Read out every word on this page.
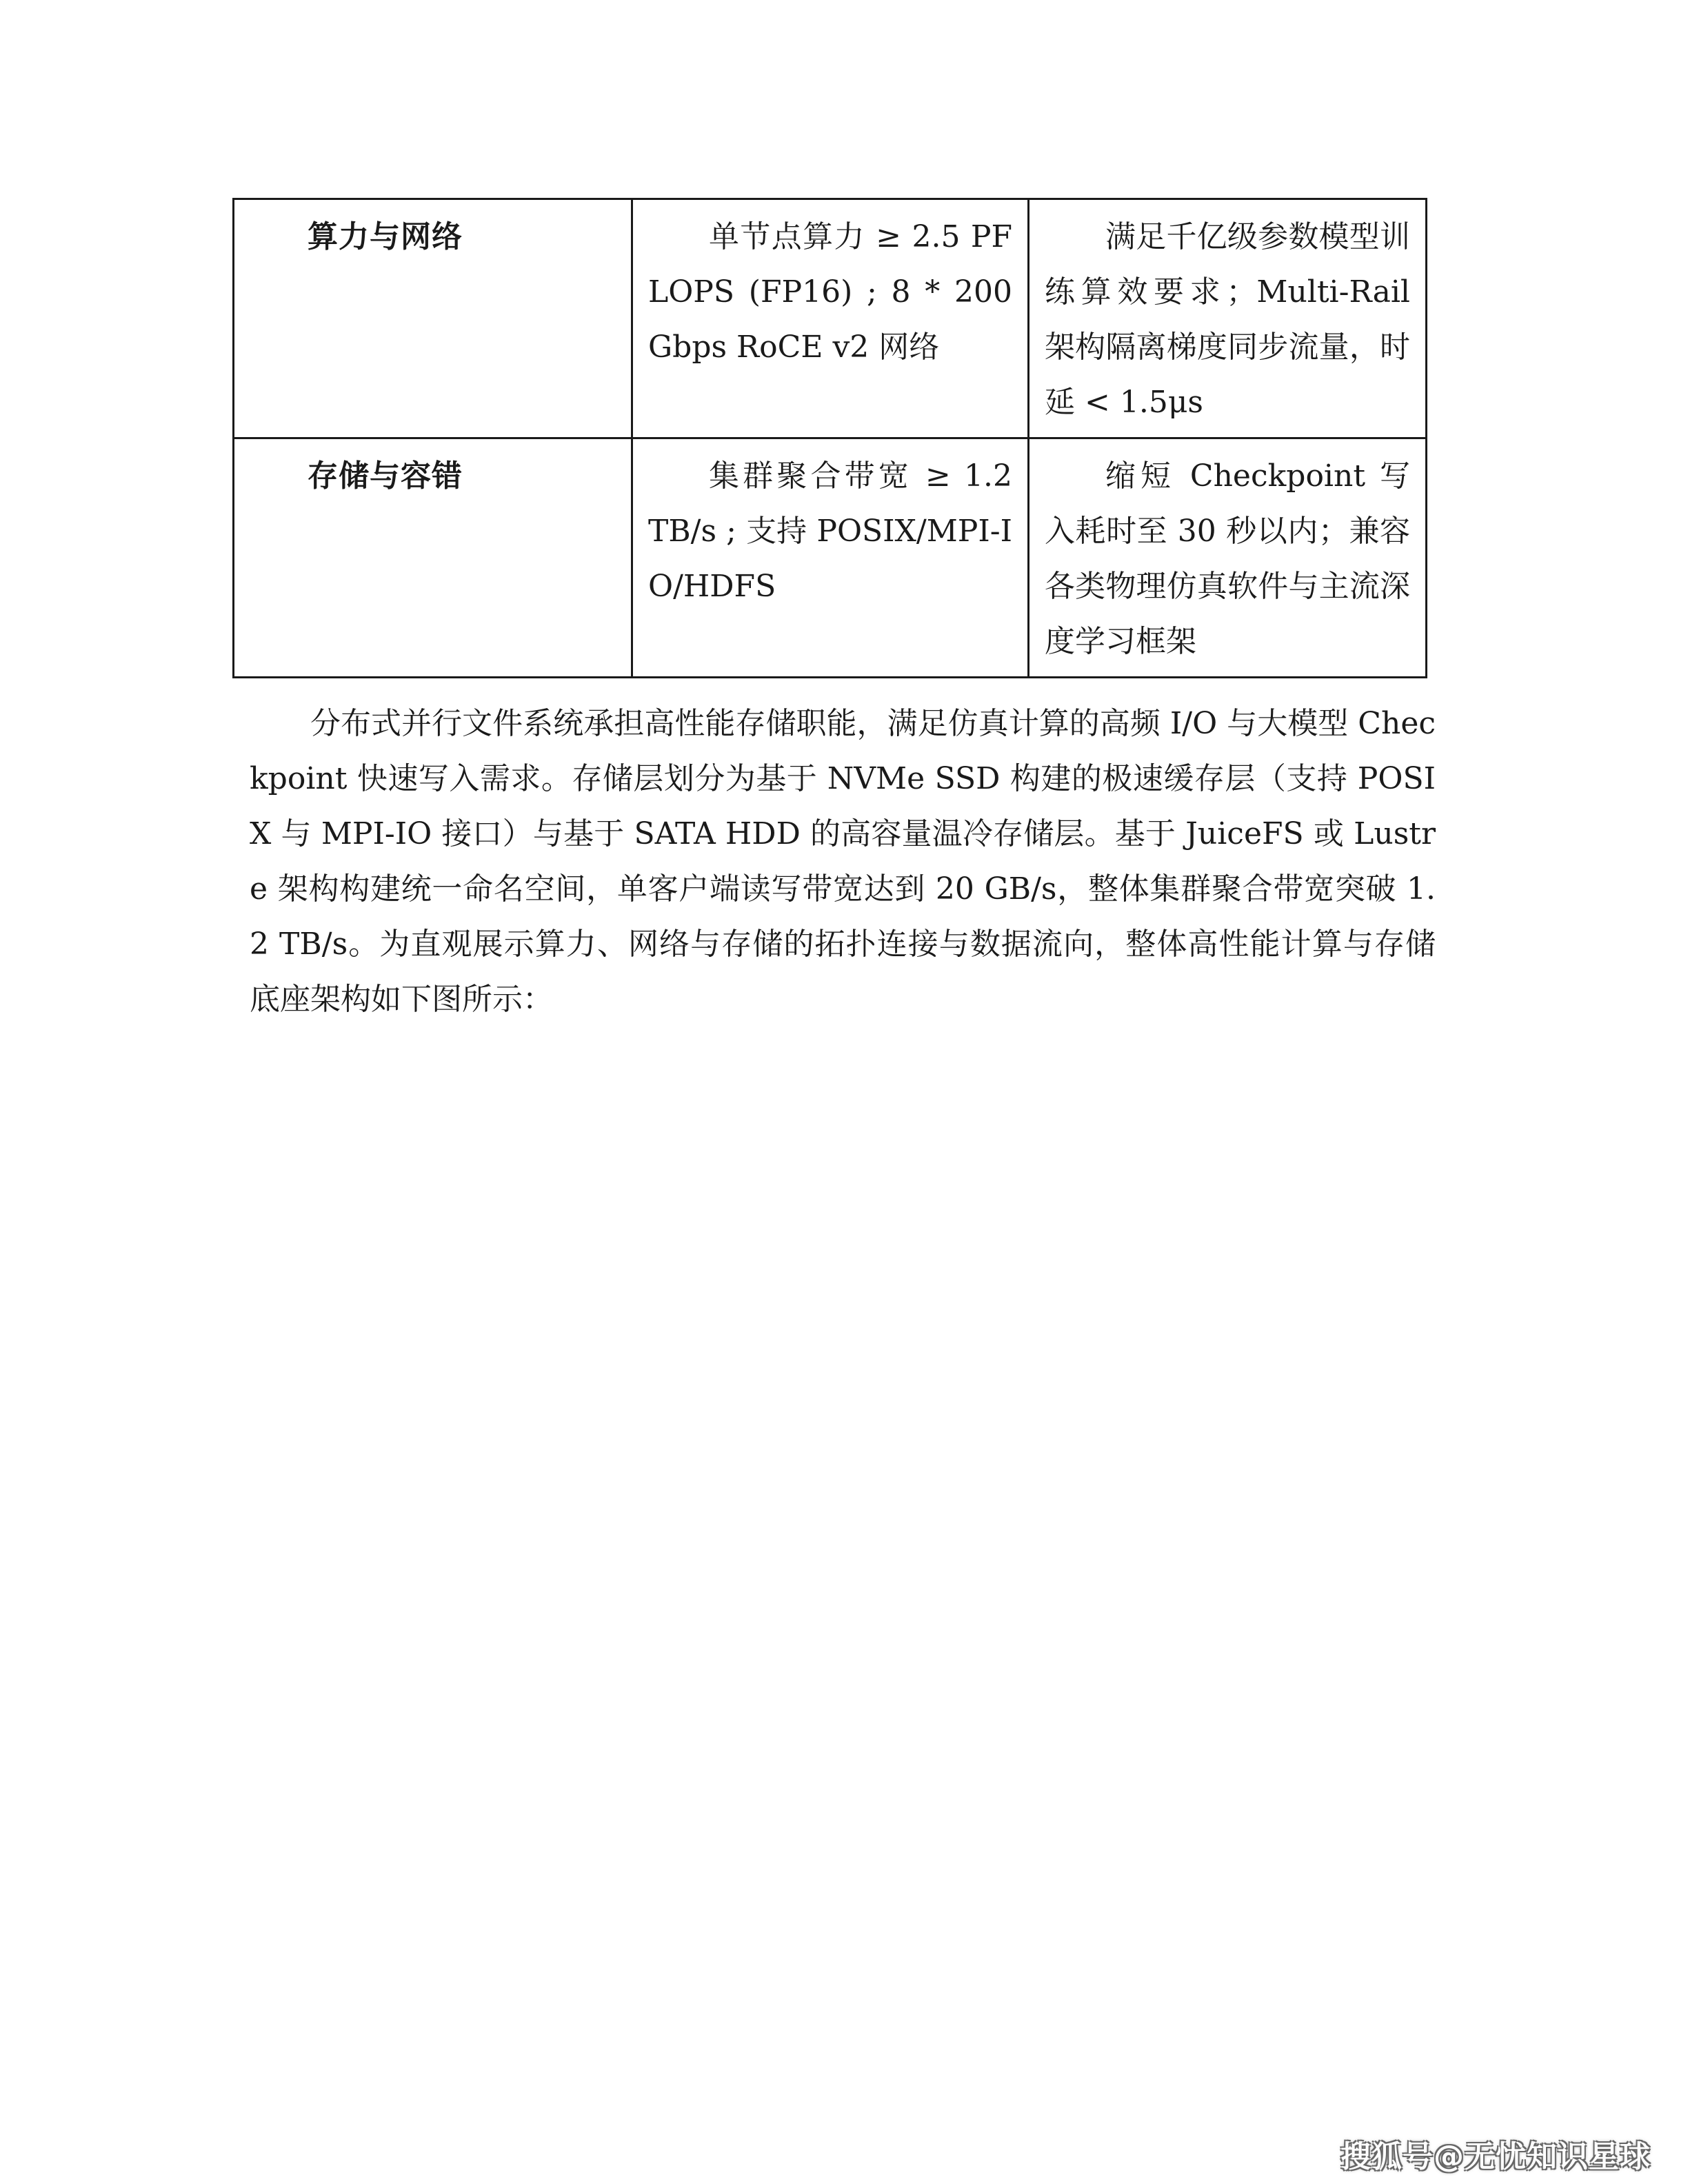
算力与网络	单节点算力 ≥ 2.5 PFLOPS (FP16) ; 8 * 200Gbps RoCE v2 网络	满足千亿级参数模型训练算效要求；Multi-Rail 架构隔离梯度同步流量，时延 < 1.5μs
存储与容错	集群聚合带宽 ≥ 1.2 TB/s ; 支持 POSIX/MPI-IO/HDFS	缩短 Checkpoint 写入耗时至 30 秒以内；兼容各类物理仿真软件与主流深度学习框架

分布式并行文件系统承担高性能存储职能，满足仿真计算的高频 I/O 与大模型 Checkpoint 快速写入需求。存储层划分为基于 NVMe SSD 构建的极速缓存层（支持 POSIX 与 MPI-IO 接口）与基于 SATA HDD 的高容量温冷存储层。基于 JuiceFS 或 Lustre 架构构建统一命名空间，单客户端读写带宽达到 20 GB/s，整体集群聚合带宽突破 1.2 TB/s。为直观展示算力、网络与存储的拓扑连接与数据流向，整体高性能计算与存储底座架构如下图所示：

搜狐号@无忧知识星球
